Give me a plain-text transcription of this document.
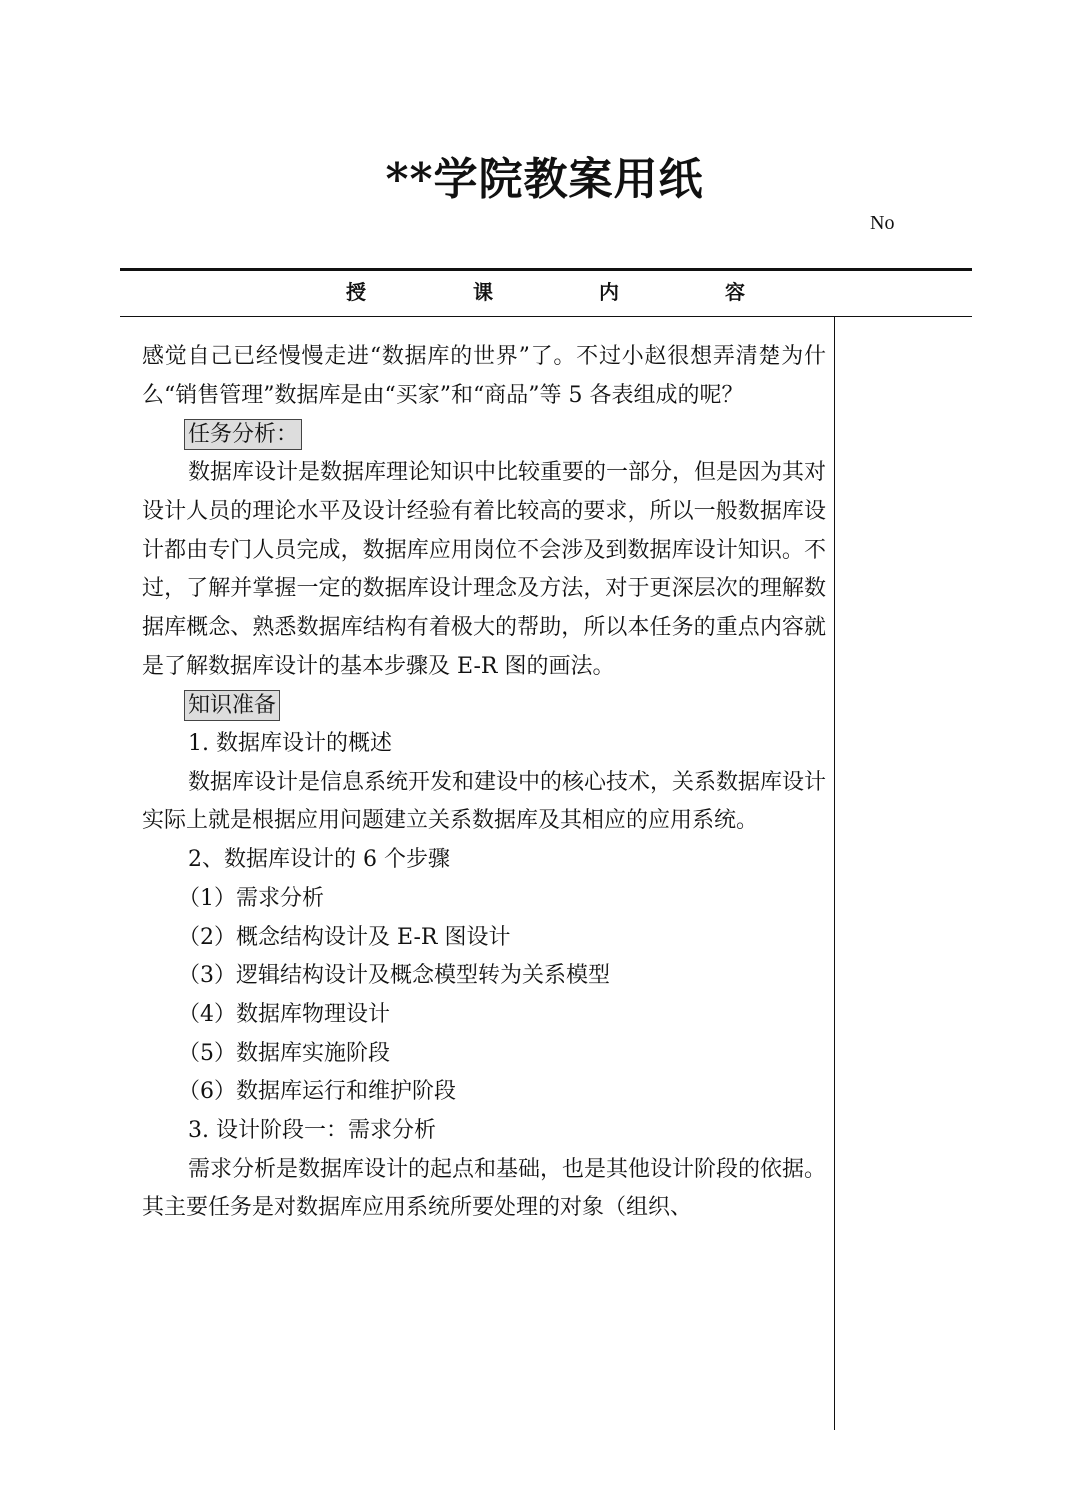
**学院教案用纸
No
授	课	内	容

感觉自己已经慢慢走进“数据库的世界”了。不过小赵很想弄清楚为什么“销售管理”数据库是由“买家”和“商品”等 5 各表组成的呢？

任务分析：

数据库设计是数据库理论知识中比较重要的一部分，但是因为其对设计人员的理论水平及设计经验有着比较高的要求，所以一般数据库设计都由专门人员完成，数据库应用岗位不会涉及到数据库设计知识。不过，了解并掌握一定的数据库设计理念及方法，对于更深层次的理解数据库概念、熟悉数据库结构有着极大的帮助，所以本任务的重点内容就是了解数据库设计的基本步骤及 E-R 图的画法。

知识准备

1. 数据库设计的概述

数据库设计是信息系统开发和建设中的核心技术，关系数据库设计实际上就是根据应用问题建立关系数据库及其相应的应用系统。

2、数据库设计的 6 个步骤

（1）需求分析

（2）概念结构设计及 E-R 图设计

（3）逻辑结构设计及概念模型转为关系模型

（4）数据库物理设计

（5）数据库实施阶段

（6）数据库运行和维护阶段

3. 设计阶段一：需求分析

需求分析是数据库设计的起点和基础，也是其他设计阶段的依据。其主要任务是对数据库应用系统所要处理的对象（组织、
